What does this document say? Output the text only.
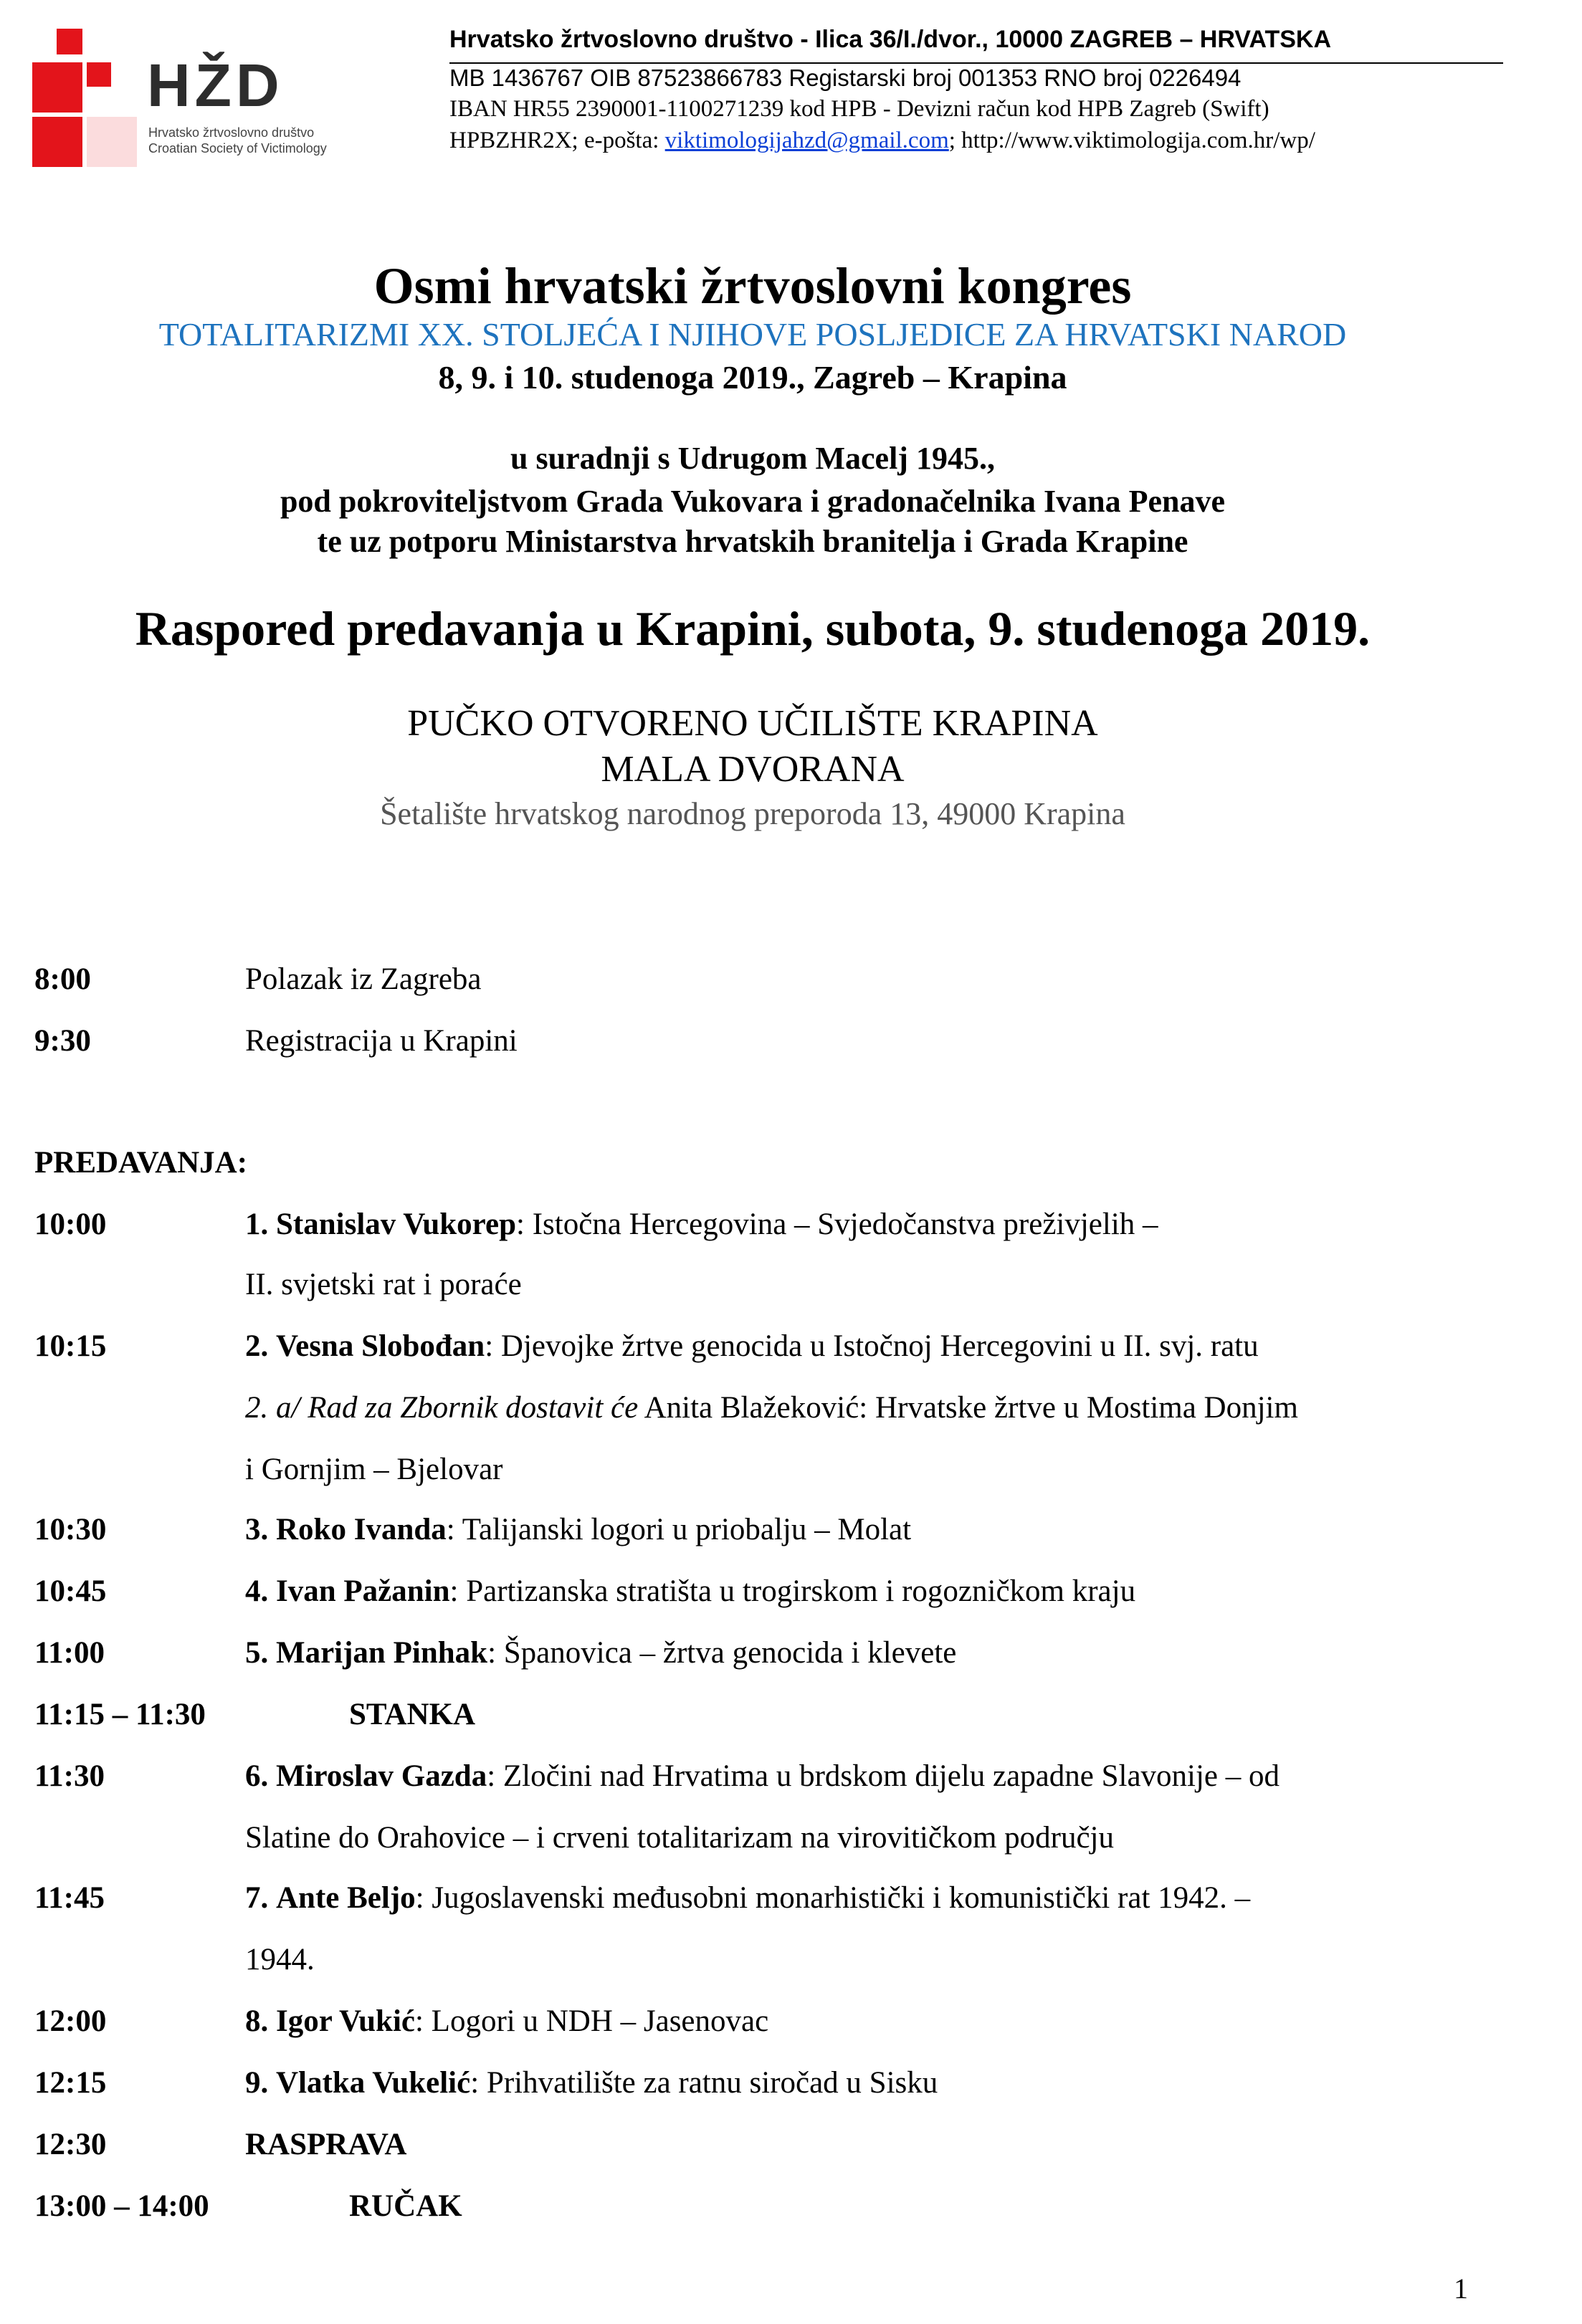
HŽD
Hrvatsko žrtvoslovno društvo
Croatian Society of Victimology
Hrvatsko žrtvoslovno društvo - Ilica 36/I./dvor., 10000 ZAGREB – HRVATSKA
MB 1436767 OIB 87523866783 Registarski broj 001353 RNO broj 0226494
IBAN HR55 2390001-1100271239 kod HPB - Devizni račun kod HPB Zagreb (Swift)
HPBZHR2X; e-pošta: viktimologijahzd@gmail.com; http://www.viktimologija.com.hr/wp/
Osmi hrvatski žrtvoslovni kongres
TOTALITARIZMI XX. STOLJEĆA I NJIHOVE POSLJEDICE ZA HRVATSKI NAROD
8, 9. i 10. studenoga 2019., Zagreb – Krapina
u suradnji s Udrugom Macelj 1945.,
pod pokroviteljstvom Grada Vukovara i gradonačelnika Ivana Penave
te uz potporu Ministarstva hrvatskih branitelja i Grada Krapine
Raspored predavanja u Krapini, subota, 9. studenoga 2019.
PUČKO OTVORENO UČILIŠTE KRAPINA
MALA DVORANA
Šetalište hrvatskog narodnog preporoda 13, 49000 Krapina
8:00	Polazak iz Zagreba
9:30	Registracija u Krapini
PREDAVANJA:
10:00	1. Stanislav Vukorep: Istočna Hercegovina – Svjedočanstva preživjelih –
II. svjetski rat i poraće
10:15	2. Vesna Slobođan: Djevojke žrtve genocida u Istočnoj Hercegovini u II. svj. ratu
2. a/ Rad za Zbornik dostavit će Anita Blažeković: Hrvatske žrtve u Mostima Donjim
i Gornjim – Bjelovar
10:30	3. Roko Ivanda: Talijanski logori u priobalju – Molat
10:45	4. Ivan Pažanin: Partizanska stratišta u trogirskom i rogozničkom kraju
11:00	5. Marijan Pinhak: Španovica – žrtva genocida i klevete
11:15 – 11:30	STANKA
11:30	6. Miroslav Gazda: Zločini nad Hrvatima u brdskom dijelu zapadne Slavonije – od
Slatine do Orahovice – i crveni totalitarizam na virovitičkom području
11:45	7. Ante Beljo: Jugoslavenski međusobni monarhistički i komunistički rat 1942. –
1944.
12:00	8. Igor Vukić: Logori u NDH – Jasenovac
12:15	9. Vlatka Vukelić: Prihvatilište za ratnu siročad u Sisku
12:30	RASPRAVA
13:00 – 14:00	RUČAK
1
